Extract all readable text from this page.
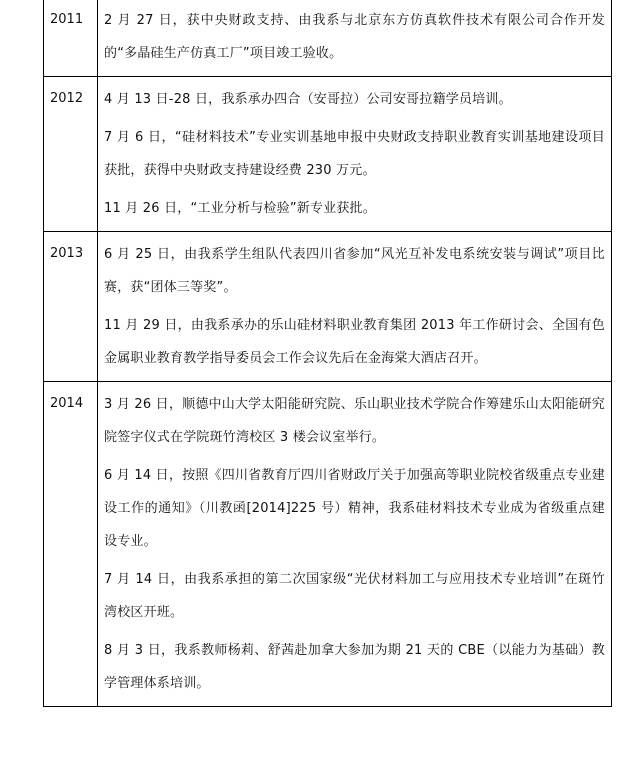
2011	2 月 27 日，获中央财政支持、由我系与北京东方仿真软件技术有限公司合作开发的“多晶硅生产仿真工厂”项目竣工验收。

2012	4 月 13 日-28 日，我系承办四合（安哥拉）公司安哥拉籍学员培训。

7 月 6 日，“硅材料技术”专业实训基地申报中央财政支持职业教育实训基地建设项目获批，获得中央财政支持建设经费 230 万元。

11 月 26 日，“工业分析与检验”新专业获批。

2013	6 月 25 日，由我系学生组队代表四川省参加“风光互补发电系统安装与调试”项目比赛，获“团体三等奖”。

11 月 29 日，由我系承办的乐山硅材料职业教育集团 2013 年工作研讨会、全国有色金属职业教育教学指导委员会工作会议先后在金海棠大酒店召开。

2014	3 月 26 日，顺德中山大学太阳能研究院、乐山职业技术学院合作筹建乐山太阳能研究院签字仪式在学院斑竹湾校区 3 楼会议室举行。

6 月 14 日，按照《四川省教育厅四川省财政厅关于加强高等职业院校省级重点专业建设工作的通知》（川教函[2014]225 号）精神，我系硅材料技术专业成为省级重点建设专业。

7 月 14 日，由我系承担的第二次国家级“光伏材料加工与应用技术专业培训”在斑竹湾校区开班。

8 月 3 日，我系教师杨莉、舒茜赴加拿大参加为期 21 天的 CBE（以能力为基础）教学管理体系培训。
